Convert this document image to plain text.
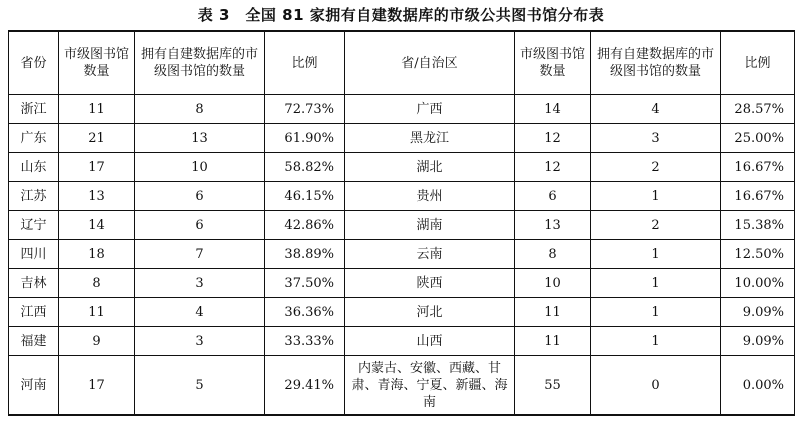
表 3　全国 81 家拥有自建数据库的市级公共图书馆分布表
省份	市级图书馆数量	拥有自建数据库的市级图书馆的数量	比例	省/自治区	市级图书馆数量	拥有自建数据库的市级图书馆的数量	比例
浙江	11	8	72.73%	广西	14	4	28.57%
广东	21	13	61.90%	黑龙江	12	3	25.00%
山东	17	10	58.82%	湖北	12	2	16.67%
江苏	13	6	46.15%	贵州	6	1	16.67%
辽宁	14	6	42.86%	湖南	13	2	15.38%
四川	18	7	38.89%	云南	8	1	12.50%
吉林	8	3	37.50%	陕西	10	1	10.00%
江西	11	4	36.36%	河北	11	1	9.09%
福建	9	3	33.33%	山西	11	1	9.09%
河南	17	5	29.41%	内蒙古、安徽、西藏、甘肃、青海、宁夏、新疆、海南	55	0	0.00%
